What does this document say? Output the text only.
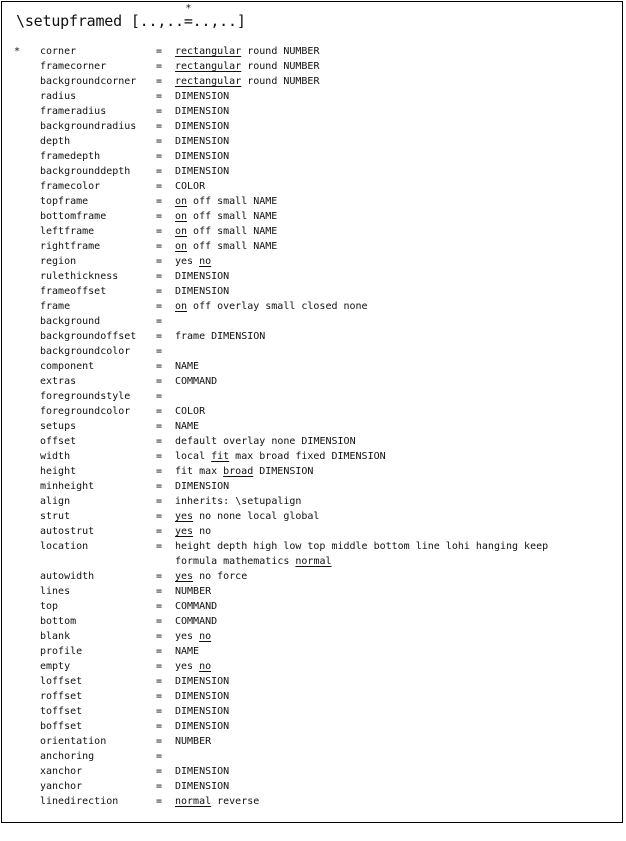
\setupframed [..,..
*
=..,..]
* corner	= rectangular round NUMBER
framecorner	= rectangular round NUMBER
backgroundcorner = rectangular round NUMBER
radius	= DIMENSION
frameradius	= DIMENSION
backgroundradius = DIMENSION
depth	= DIMENSION
framedepth	= DIMENSION
backgrounddepth	= DIMENSION
framecolor	= COLOR
topframe	= on off small NAME
bottomframe	= on off small NAME
leftframe	= on off small NAME
rightframe	= on off small NAME
region	= yes no
rulethickness	= DIMENSION
frameoffset	= DIMENSION
frame	= on off overlay small closed none
background	=
backgroundoffset = frame DIMENSION
backgroundcolor	=
component	= NAME
extras	= COMMAND
foregroundstyle	=
foregroundcolor	= COLOR
setups	= NAME
offset	= default overlay none DIMENSION
width	= local fit max broad fixed DIMENSION
height	= fit max broad DIMENSION
minheight	= DIMENSION
align	= inherits: \setupalign
strut	= yes no none local global
autostrut	= yes no
location	= height depth high low top middle bottom line lohi hanging keep
formula mathematics normal
autowidth	= yes no force
lines	= NUMBER
top	= COMMAND
bottom	= COMMAND
blank	= yes no
profile	= NAME
empty	= yes no
loffset	= DIMENSION
roffset	= DIMENSION
toffset	= DIMENSION
boffset	= DIMENSION
orientation	= NUMBER
anchoring	=
xanchor	= DIMENSION
yanchor	= DIMENSION
linedirection	= normal reverse
